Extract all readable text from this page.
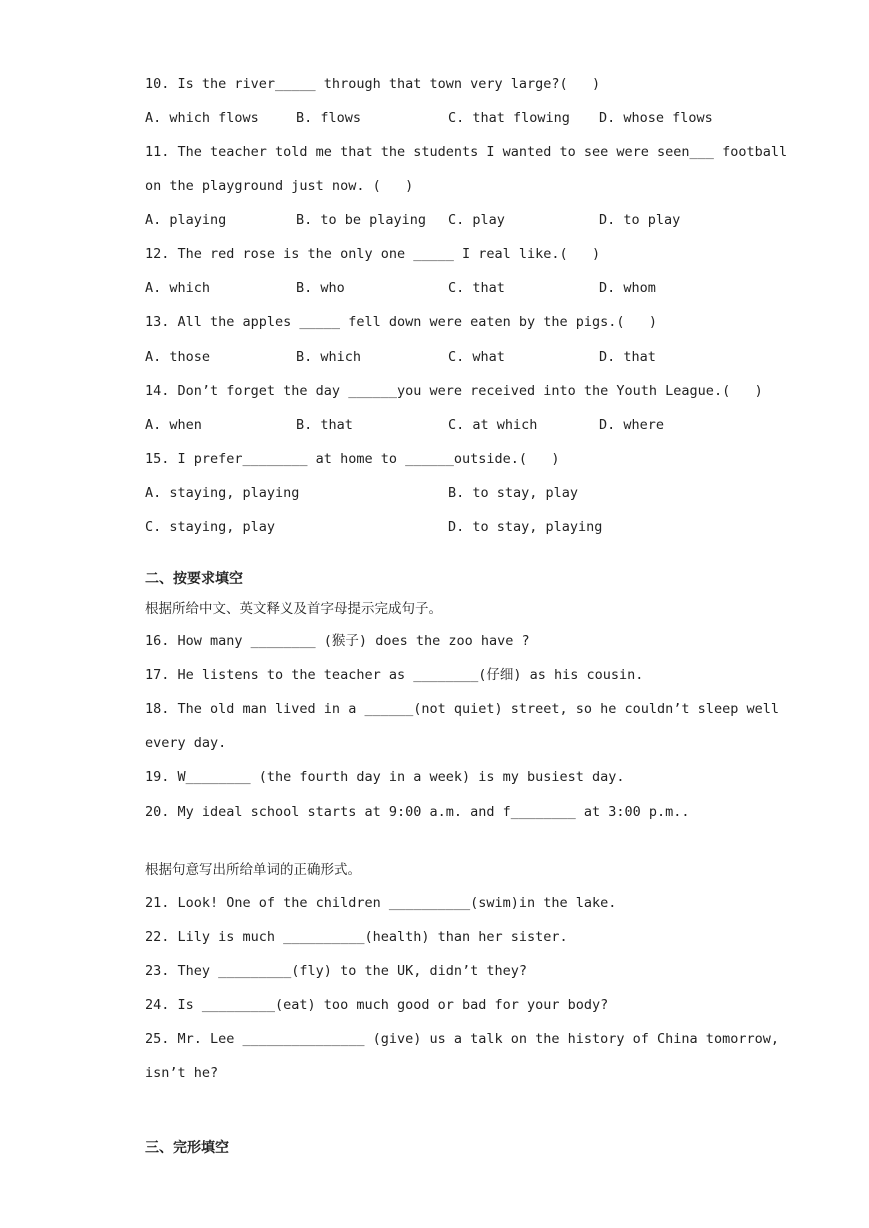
10. Is the river_____ through that town very large?(   )
A. which flows	B. flows	C. that flowing D. whose flows
11. The teacher told me that the students I wanted to see were seen___ football
on the playground just now. (   )
A. playing	B. to be playing C. play	D. to play
12. The red rose is the only one _____ I real like.(   )
A. which	B. who	C. that	D. whom
13. All the apples _____ fell down were eaten by the pigs.(   )
A. those	B. which	C. what	D. that
14. Don’t forget the day ______you were received into the Youth League.(   )
A. when	B. that	C. at which	D. where
15. I prefer________ at home to ______outside.(   )
A. staying, playing	B. to stay, play
C. staying, play	D. to stay, playing
二、按要求填空
根据所给中文、英文释义及首字母提示完成句子。
16. How many ________ (猴子) does the zoo have ?
17. He listens to the teacher as ________(仔细) as his cousin.
18. The old man lived in a ______(not quiet) street, so he couldn’t sleep well
every day.
19. W________ (the fourth day in a week) is my busiest day.
20. My ideal school starts at 9:00 a.m. and f________ at 3:00 p.m..
根据句意写出所给单词的正确形式。
21. Look! One of the children __________(swim)in the lake.
22. Lily is much __________(health) than her sister.
23. They _________(fly) to the UK, didn’t they?
24. Is _________(eat) too much good or bad for your body?
25. Mr. Lee _______________ (give) us a talk on the history of China tomorrow,
isn’t he?
三、完形填空
